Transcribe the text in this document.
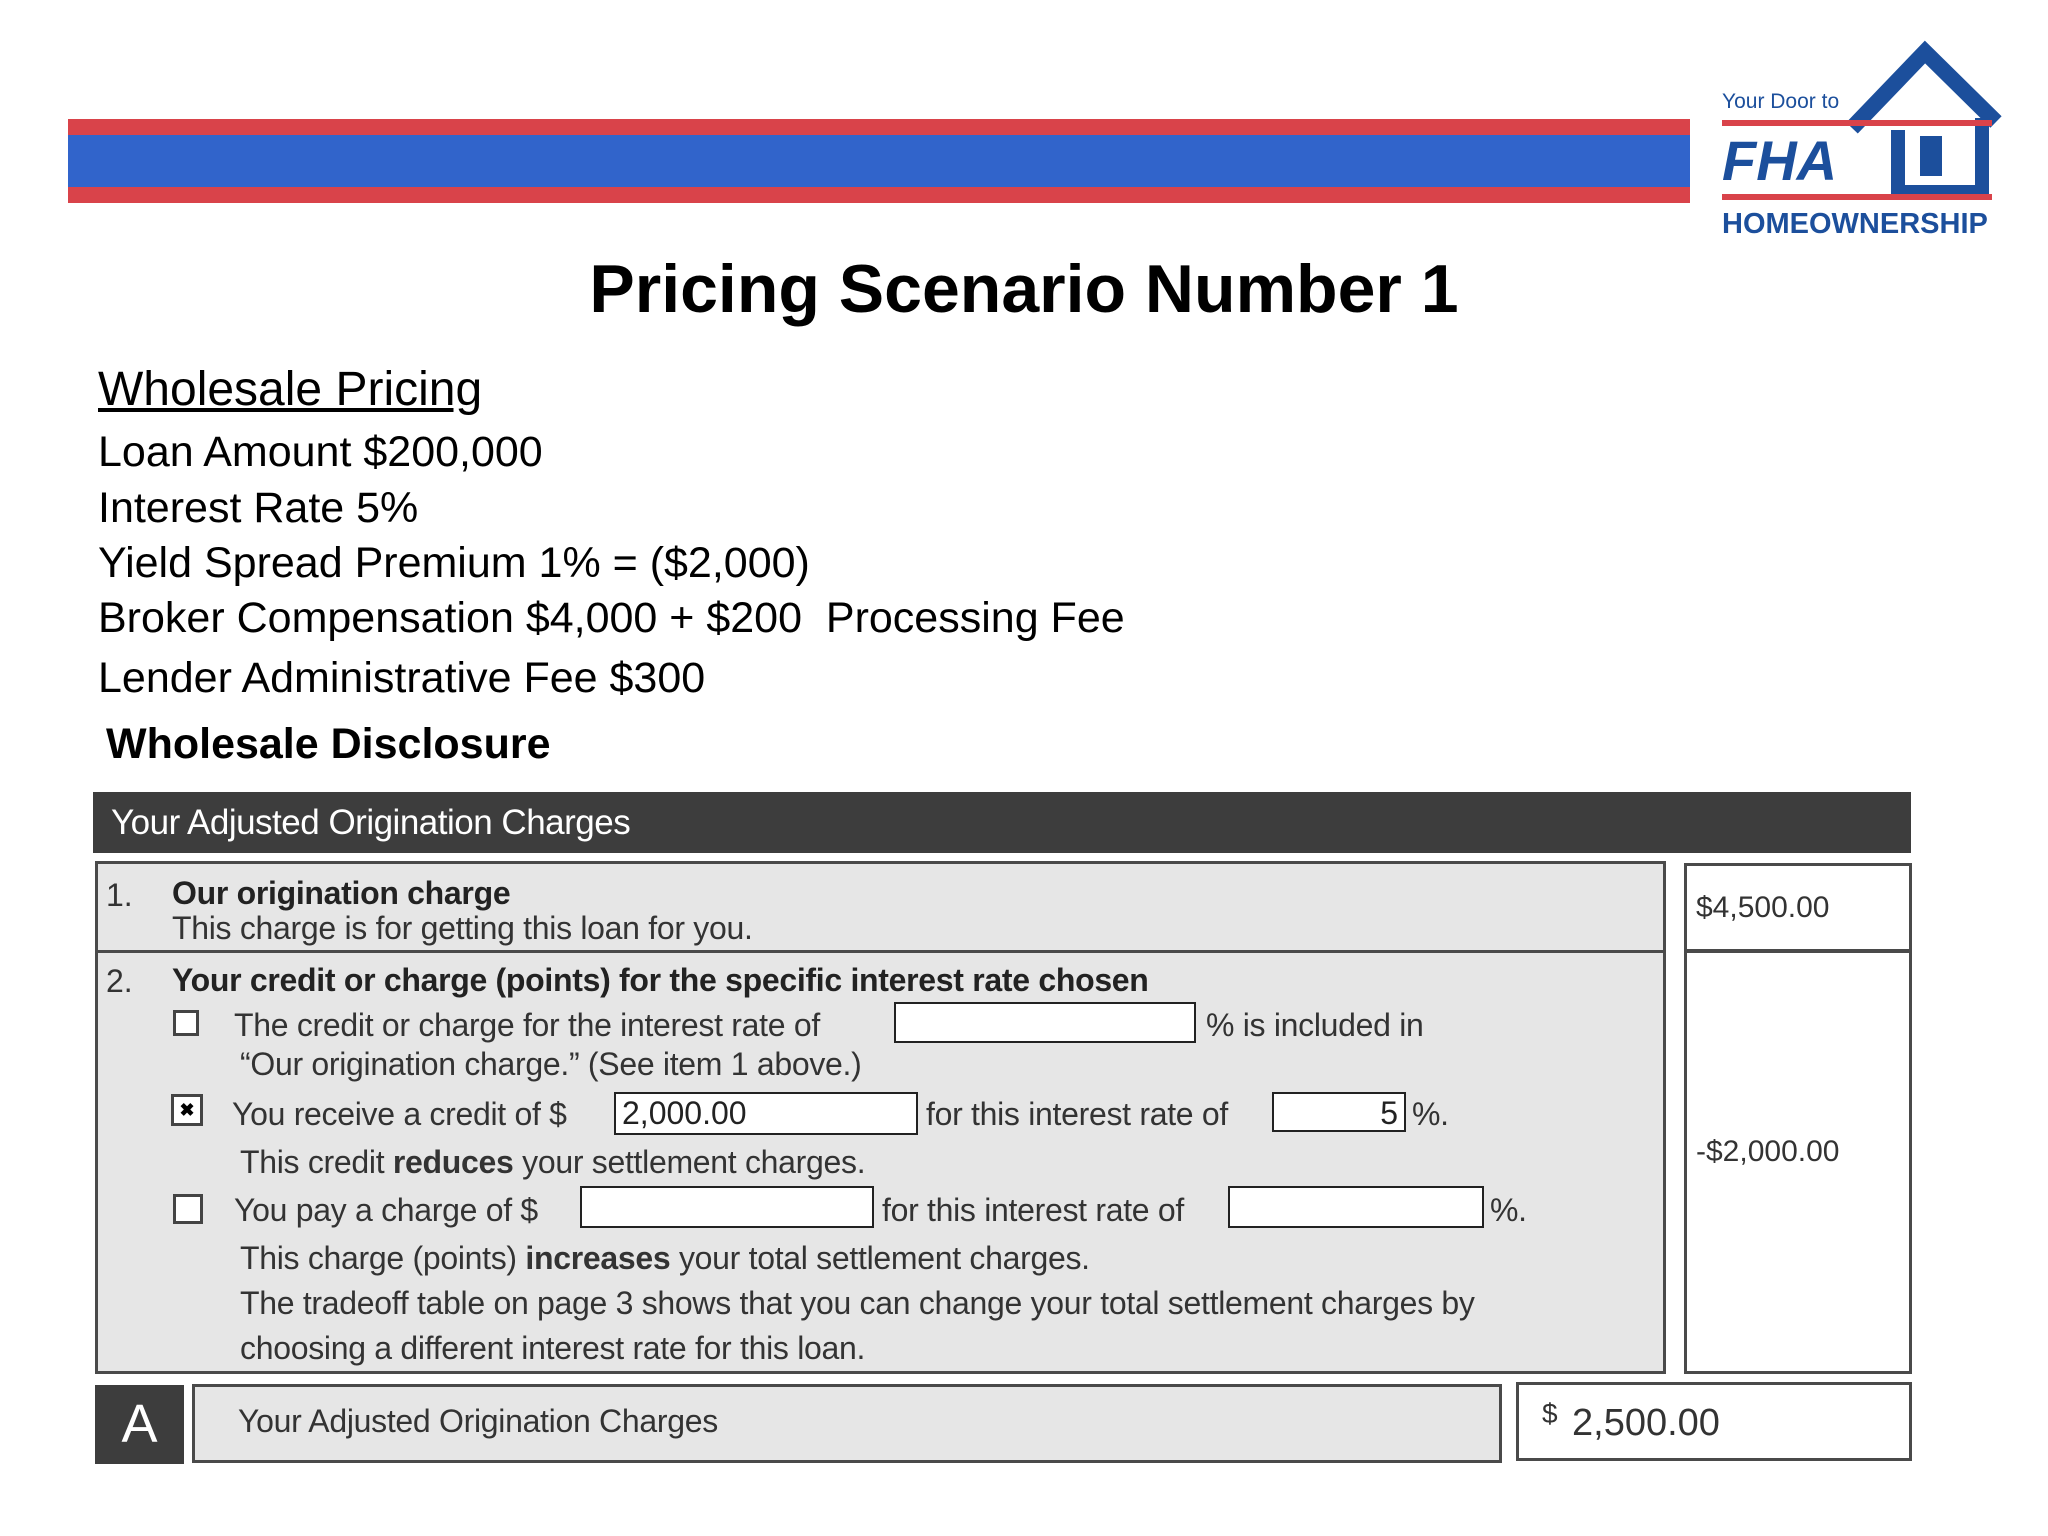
Your Door to
FHA
HOMEOWNERSHIP
Pricing Scenario Number 1
Wholesale Pricing
Loan Amount $200,000
Interest Rate 5%
Yield Spread Premium 1% = ($2,000)
Broker Compensation $4,000 + $200  Processing Fee
Lender Administrative Fee $300
Wholesale Disclosure
Your Adjusted Origination Charges
1. Our origination charge
This charge is for getting this loan for you.
$4,500.00
2. Your credit or charge (points) for the specific interest rate chosen
The credit or charge for the interest rate of	% is included in
“Our origination charge.” (See item 1 above.)
✖ You receive a credit of $ 2,000.00	for this interest rate of	5 %.
This credit reduces your settlement charges.
You pay a charge of $	for this interest rate of	%.
This charge (points) increases your total settlement charges.
The tradeoff table on page 3 shows that you can change your total settlement charges by
choosing a different interest rate for this loan.
-$2,000.00
A	Your Adjusted Origination Charges	$ 2,500.00
